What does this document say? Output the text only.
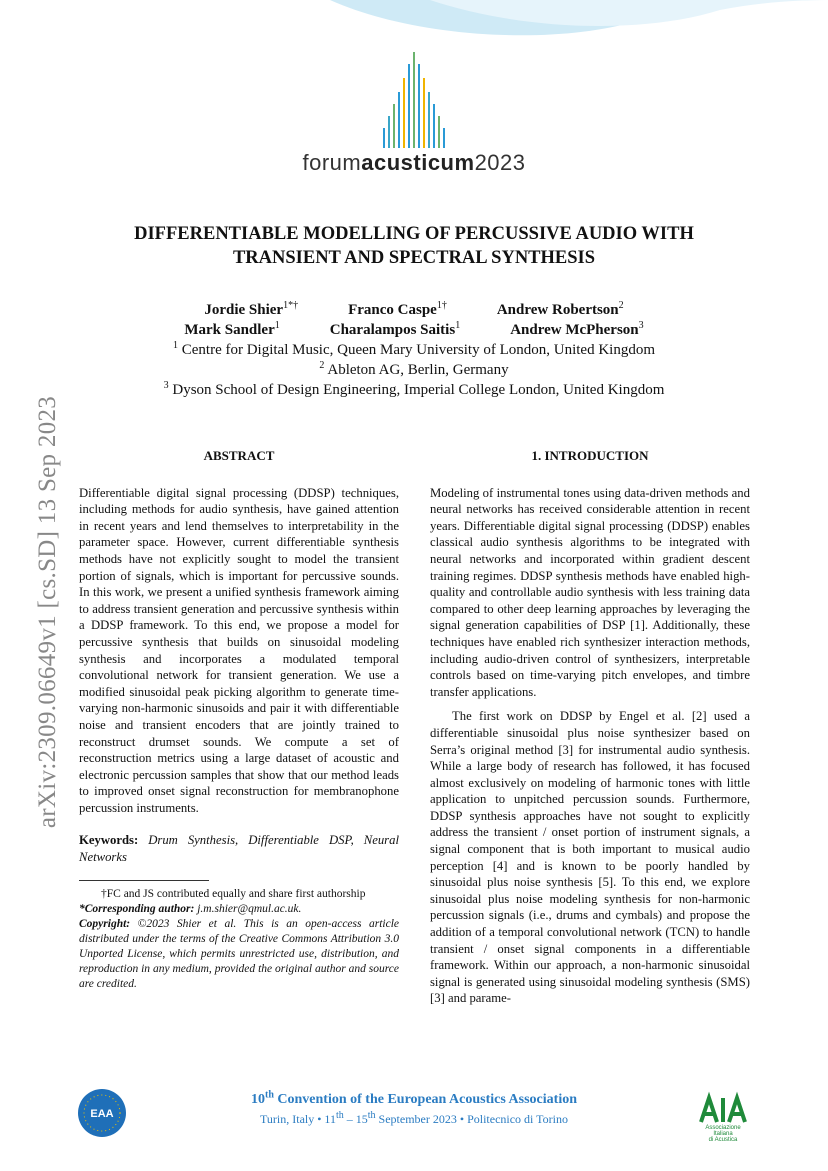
forumacusticum2023
arXiv:2309.06649v1 [cs.SD] 13 Sep 2023
DIFFERENTIABLE MODELLING OF PERCUSSIVE AUDIO WITH
TRANSIENT AND SPECTRAL SYNTHESIS
Jordie Shier$^{1*\dagger}$	Franco Caspe$^{1\dagger}$	Andrew Robertson$^2$
Mark Sandler$^1$	Charalampos Saitis$^1$	Andrew McPherson$^3$
$^1$ Centre for Digital Music, Queen Mary University of London, United Kingdom
$^2$ Ableton AG, Berlin, Germany
$^3$ Dyson School of Design Engineering, Imperial College London, United Kingdom
ABSTRACT

Differentiable digital signal processing (DDSP) techniques, including methods for audio synthesis, have gained attention in recent years and lend themselves to interpretability in the parameter space. However, current differentiable synthesis methods have not explicitly sought to model the transient portion of signals, which is important for percussive sounds. In this work, we present a unified synthesis framework aiming to address transient generation and percussive synthesis within a DDSP framework. To this end, we propose a model for percussive synthesis that builds on sinusoidal modeling synthesis and incorporates a modulated temporal convolutional network for transient generation. We use a modified sinusoidal peak picking algorithm to generate time-varying non-harmonic sinusoids and pair it with differentiable noise and transient encoders that are jointly trained to reconstruct drumset sounds. We compute a set of reconstruction metrics using a large dataset of acoustic and electronic percussion samples that show that our method leads to improved onset signal reconstruction for membranophone percussion instruments.

Keywords: Drum Synthesis, Differentiable DSP, Neural Networks
†FC and JS contributed equally and share first authorship
*Corresponding author: j.m.shier@qmul.ac.uk.
Copyright: ©2023 Shier et al. This is an open-access article distributed under the terms of the Creative Commons Attribution 3.0 Unported License, which permits unrestricted use, distribution, and reproduction in any medium, provided the original author and source are credited.
1. INTRODUCTION

Modeling of instrumental tones using data-driven methods and neural networks has received considerable attention in recent years. Differentiable digital signal processing (DDSP) enables classical audio synthesis algorithms to be integrated with neural networks and incorporated within gradient descent training regimes. DDSP synthesis methods have enabled high-quality and controllable audio synthesis with less training data compared to other deep learning approaches by leveraging the signal generation capabilities of DSP [1]. Additionally, these techniques have enabled rich synthesizer interaction methods, including audio-driven control of synthesizers, interpretable controls based on time-varying pitch envelopes, and timbre transfer applications.

The first work on DDSP by Engel et al. [2] used a differentiable sinusoidal plus noise synthesizer based on Serra’s original method [3] for instrumental audio synthesis. While a large body of research has followed, it has focused almost exclusively on modeling of harmonic tones with little application to unpitched percussion sounds. Furthermore, DDSP synthesis approaches have not sought to explicitly address the transient / onset portion of instrument signals, a signal component that is both important to musical audio perception [4] and is known to be poorly handled by sinusoidal plus noise synthesis [5]. To this end, we explore sinusoidal plus noise modeling synthesis for non-harmonic percussion signals (i.e., drums and cymbals) and propose the addition of a temporal convolutional network (TCN) to handle transient / onset signal components in a differentiable framework. Within our approach, a non-harmonic sinusoidal signal is generated using sinusoidal modeling synthesis (SMS) [3] and parame-

EAA
10th Convention of the European Acoustics Association
Turin, Italy • 11th – 15th September 2023 • Politecnico di Torino
Associazione
Italiana
di Acustica
